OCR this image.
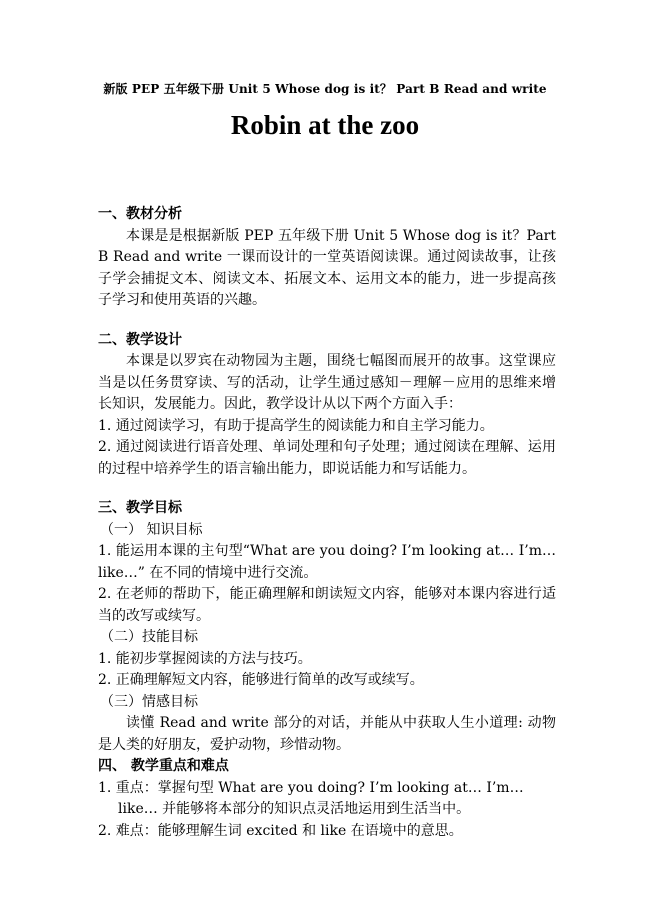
新版 PEP 五年级下册 Unit 5 Whose dog is it？ Part B Read and write
Robin at the zoo
一、教材分析
本课是是根据新版 PEP 五年级下册 Unit 5 Whose dog is it？Part B Read and write 一课而设计的一堂英语阅读课。通过阅读故事，让孩子学会捕捉文本、阅读文本、拓展文本、运用文本的能力，进一步提高孩子学习和使用英语的兴趣。
二、教学设计
本课是以罗宾在动物园为主题，围绕七幅图而展开的故事。这堂课应当是以任务贯穿读、写的活动，让学生通过感知－理解－应用的思维来增长知识，发展能力。因此，教学设计从以下两个方面入手：
1. 通过阅读学习，有助于提高学生的阅读能力和自主学习能力。
2. 通过阅读进行语音处理、单词处理和句子处理；通过阅读在理解、运用的过程中培养学生的语言输出能力，即说话能力和写话能力。
三、教学目标
（一） 知识目标
1. 能运用本课的主句型“What are you doing? I’m looking at… I’m…like…” 在不同的情境中进行交流。
2. 在老师的帮助下，能正确理解和朗读短文内容，能够对本课内容进行适当的改写或续写。
（二）技能目标
1. 能初步掌握阅读的方法与技巧。
2. 正确理解短文内容，能够进行简单的改写或续写。
（三）情感目标
读懂 Read and write 部分的对话，并能从中获取人生小道理: 动物是人类的好朋友，爱护动物，珍惜动物。
四、 教学重点和难点
1. 重点：掌握句型 What are you doing? I’m looking at… I’m…like… 并能够将本部分的知识点灵活地运用到生活当中。
2. 难点：能够理解生词 excited 和 like 在语境中的意思。
